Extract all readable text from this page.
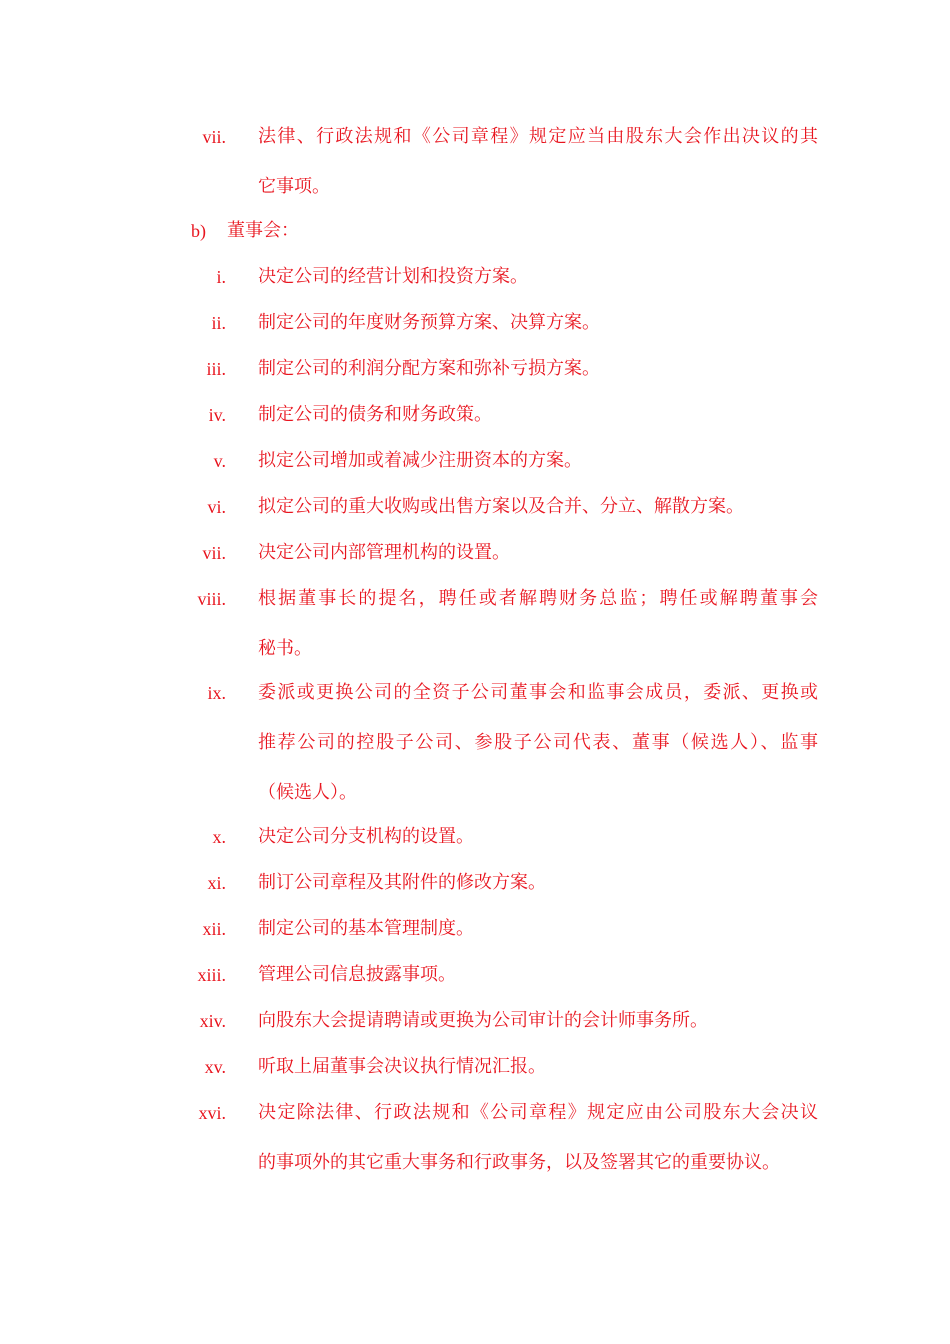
vii. 法律、行政法规和《公司章程》规定应当由股东大会作出决议的其
它事项。
b) 董事会：
i. 决定公司的经营计划和投资方案。
ii. 制定公司的年度财务预算方案、决算方案。
iii. 制定公司的利润分配方案和弥补亏损方案。
iv. 制定公司的债务和财务政策。
v. 拟定公司增加或着减少注册资本的方案。
vi. 拟定公司的重大收购或出售方案以及合并、分立、解散方案。
vii. 决定公司内部管理机构的设置。
viii. 根据董事长的提名，聘任或者解聘财务总监；聘任或解聘董事会
秘书。
ix. 委派或更换公司的全资子公司董事会和监事会成员，委派、更换或
推荐公司的控股子公司、参股子公司代表、董事（候选人）、监事
（候选人）。
x. 决定公司分支机构的设置。
xi. 制订公司章程及其附件的修改方案。
xii. 制定公司的基本管理制度。
xiii. 管理公司信息披露事项。
xiv. 向股东大会提请聘请或更换为公司审计的会计师事务所。
xv. 听取上届董事会决议执行情况汇报。
xvi. 决定除法律、行政法规和《公司章程》规定应由公司股东大会决议
的事项外的其它重大事务和行政事务，以及签署其它的重要协议。
